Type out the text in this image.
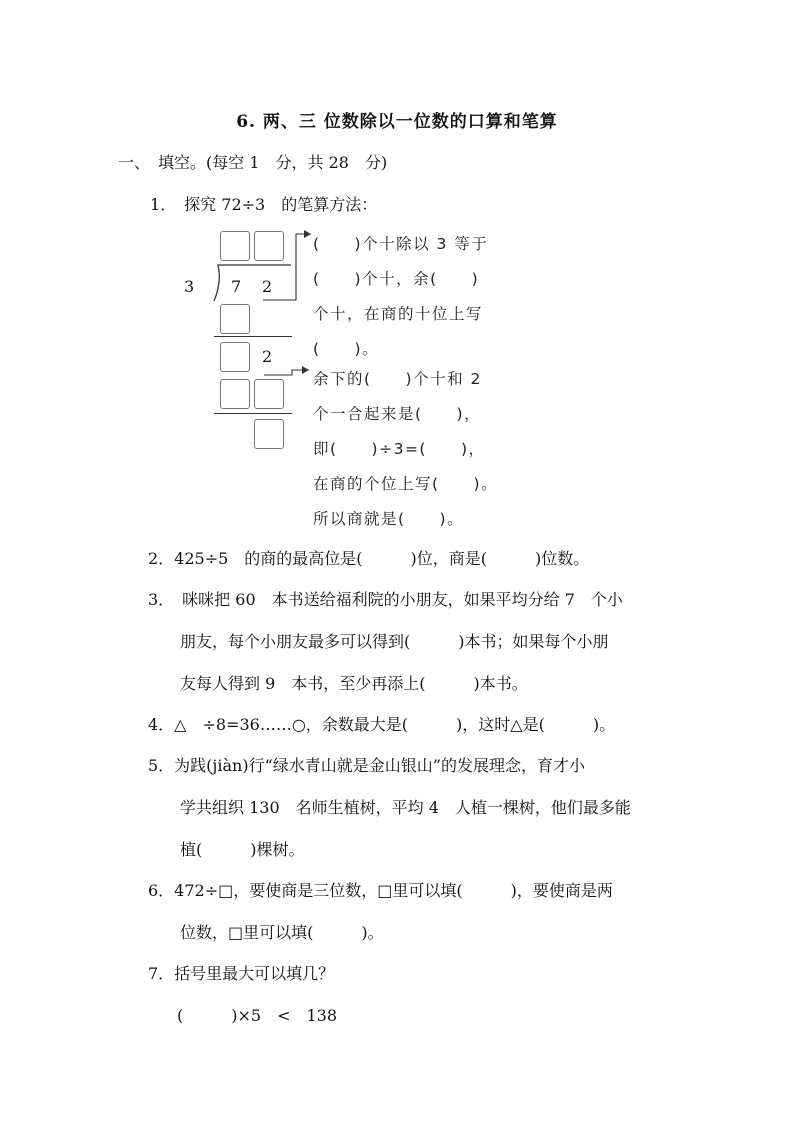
6. 两、三 位数除以一位数的口算和笔算
一、　填空。(每空 1　分，共 28　分)
1．　探究 72÷3　的笔算方法：
3 7 2
2
(　　)个十除以 3 等于
(　　)个十，余(　　)
个十，在商的十位上写
(　　)。
余下的(　　)个十和 2
个一合起来是(　　)，
即(　　)÷3=(　　)，
在商的个位上写(　　)。
所以商就是(　　)。
2．425÷5　的商的最高位是(　　　)位，商是(　　　)位数。
3．　咪咪把 60　本书送给福利院的小朋友，如果平均分给 7　个小
朋友，每个小朋友最多可以得到(　　　)本书；如果每个小朋
友每人得到 9　本书，至少再添上(　　　)本书。
4．△　÷8=36……○，余数最大是(　　　)，这时△是(　　　)。
5．为践(jiàn)行“绿水青山就是金山银山”的发展理念，育才小
学共组织 130　名师生植树，平均 4　人植一棵树，他们最多能
植(　　　)棵树。
6．472÷□，要使商是三位数，□里可以填(　　　)，要使商是两
位数，□里可以填(　　　)。
7．括号里最大可以填几？
(　　　)×5　<　138
